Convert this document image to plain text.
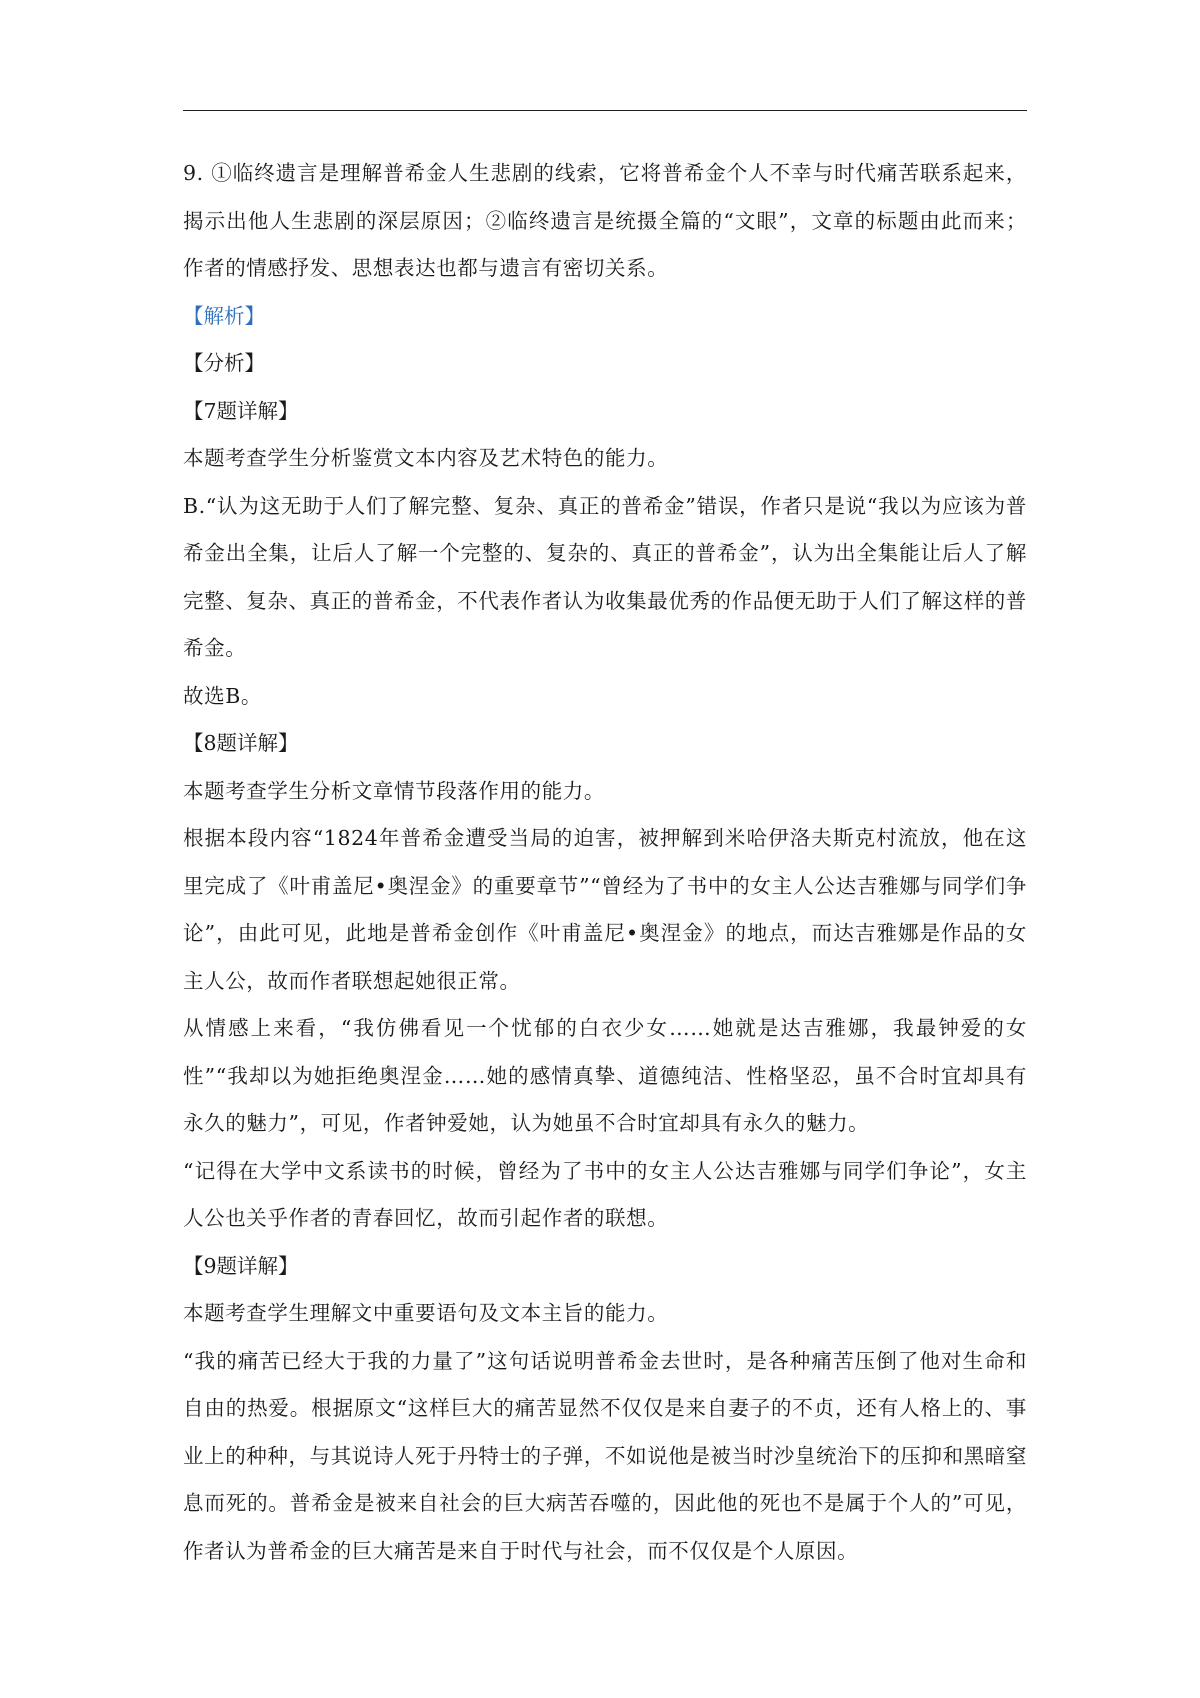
9. ①临终遗言是理解普希金人生悲剧的线索，它将普希金个人不幸与时代痛苦联系起来，揭示出他人生悲剧的深层原因；②临终遗言是统摄全篇的“文眼”，文章的标题由此而来；作者的情感抒发、思想表达也都与遗言有密切关系。

【解析】

【分析】

【7题详解】

本题考查学生分析鉴赏文本内容及艺术特色的能力。

B.“认为这无助于人们了解完整、复杂、真正的普希金”错误，作者只是说“我以为应该为普希金出全集，让后人了解一个完整的、复杂的、真正的普希金”，认为出全集能让后人了解完整、复杂、真正的普希金，不代表作者认为收集最优秀的作品便无助于人们了解这样的普希金。

故选B。

【8题详解】

本题考查学生分析文章情节段落作用的能力。

根据本段内容“1824年普希金遭受当局的迫害，被押解到米哈伊洛夫斯克村流放，他在这里完成了《叶甫盖尼•奥涅金》的重要章节”“曾经为了书中的女主人公达吉雅娜与同学们争论”，由此可见，此地是普希金创作《叶甫盖尼•奥涅金》的地点，而达吉雅娜是作品的女主人公，故而作者联想起她很正常。

从情感上来看，“我仿佛看见一个忧郁的白衣少女……她就是达吉雅娜，我最钟爱的女性”“我却以为她拒绝奥涅金……她的感情真挚、道德纯洁、性格坚忍，虽不合时宜却具有永久的魅力”，可见，作者钟爱她，认为她虽不合时宜却具有永久的魅力。

“记得在大学中文系读书的时候，曾经为了书中的女主人公达吉雅娜与同学们争论”，女主人公也关乎作者的青春回忆，故而引起作者的联想。

【9题详解】

本题考查学生理解文中重要语句及文本主旨的能力。

“我的痛苦已经大于我的力量了”这句话说明普希金去世时，是各种痛苦压倒了他对生命和自由的热爱。根据原文“这样巨大的痛苦显然不仅仅是来自妻子的不贞，还有人格上的、事业上的种种，与其说诗人死于丹特士的子弹，不如说他是被当时沙皇统治下的压抑和黑暗窒息而死的。普希金是被来自社会的巨大病苦吞噬的，因此他的死也不是属于个人的”可见，作者认为普希金的巨大痛苦是来自于时代与社会，而不仅仅是个人原因。
